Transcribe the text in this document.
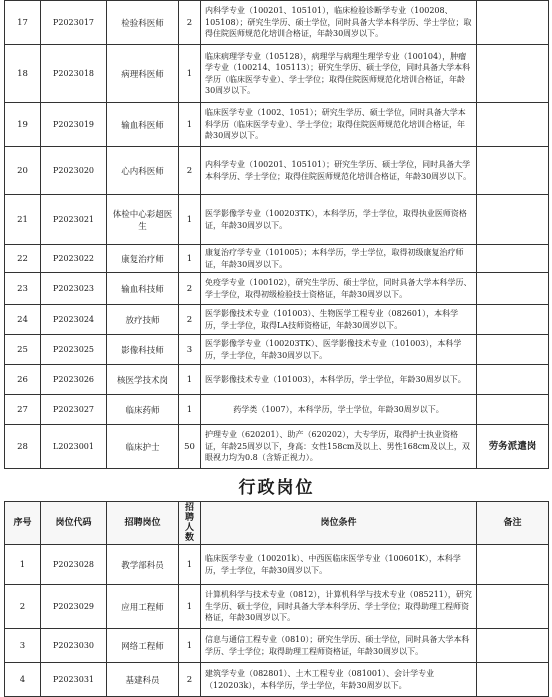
17	P2023017	检验科医师	2	内科学专业（100201、105101），临床检验诊断学专业（100208、105108）；研究生学历、硕士学位，同时具备大学本科学历、学士学位；取得住院医师规范化培训合格证，年龄30周岁以下。	
18	P2023018	病理科医师	1	临床病理学专业（105128），病理学与病理生理学专业（100104），肿瘤学专业（100214、105113）；研究生学历、硕士学位，同时具备大学本科学历（临床医学专业）、学士学位；取得住院医师规范化培训合格证，年龄30周岁以下。	
19	P2023019	输血科医师	1	临床医学专业（1002、1051）；研究生学历、硕士学位，同时具备大学本科学历（临床医学专业）、学士学位；取得住院医师规范化培训合格证，年龄30周岁以下。	
20	P2023020	心内科医师	2	内科学专业（100201、105101）；研究生学历、硕士学位，同时具备大学本科学历、学士学位；取得住院医师规范化培训合格证，年龄30周岁以下。	
21	P2023021	体检中心彩超医生	1	医学影像学专业（100203TK），本科学历，学士学位，取得执业医师资格证，年龄30周岁以下。	
22	P2023022	康复治疗师	1	康复治疗学专业（101005）；本科学历，学士学位，取得初级康复治疗师证，年龄30周岁以下。	
23	P2023023	输血科技师	2	免疫学专业（100102），研究生学历、硕士学位，同时具备大学本科学历、学士学位，取得初级检验技士资格证，年龄30周岁以下。	
24	P2023024	放疗技师	2	医学影像技术专业（101003）、生物医学工程专业（082601），本科学历，学士学位，取得LA技师资格证，年龄30周岁以下。	
25	P2023025	影像科技师	3	医学影像学专业（100203TK）、医学影像技术专业（101003），本科学历，学士学位，年龄30周岁以下。	
26	P2023026	核医学技术岗	1	医学影像技术专业（101003），本科学历，学士学位，年龄30周岁以下。	
27	P2023027	临床药师	1	药学类（1007），本科学历，学士学位，年龄30周岁以下。	
28	L2023001	临床护士	50	护理专业（620201）、助产（620202），大专学历，取得护士执业资格证，年龄25周岁以下，身高：女性158cm及以上、男性168cm及以上，双眼视力均为0.8（含矫正视力）。	劳务派遣岗
行政岗位					
序号	岗位代码	招聘岗位	招聘人数	岗位条件	备注
1	P2023028	教学部科员	1	临床医学专业（100201k）、中西医临床医学专业（100601K），本科学历，学士学位，年龄30周岁以下。	
2	P2023029	应用工程师	1	计算机科学与技术专业（0812），计算机科学与技术专业（085211），研究生学历、硕士学位，同时具备大学本科学历、学士学位；取得助理工程师资格证，年龄30周岁以下。	
3	P2023030	网络工程师	1	信息与通信工程专业（0810）；研究生学历、硕士学位，同时具备大学本科学历、学士学位；取得助理工程师资格证，年龄30周岁以下。	
4	P2023031	基建科员	2	建筑学专业（082801）、土木工程专业（081001）、会计学专业（120203k），本科学历，学士学位，年龄30周岁以下。	
